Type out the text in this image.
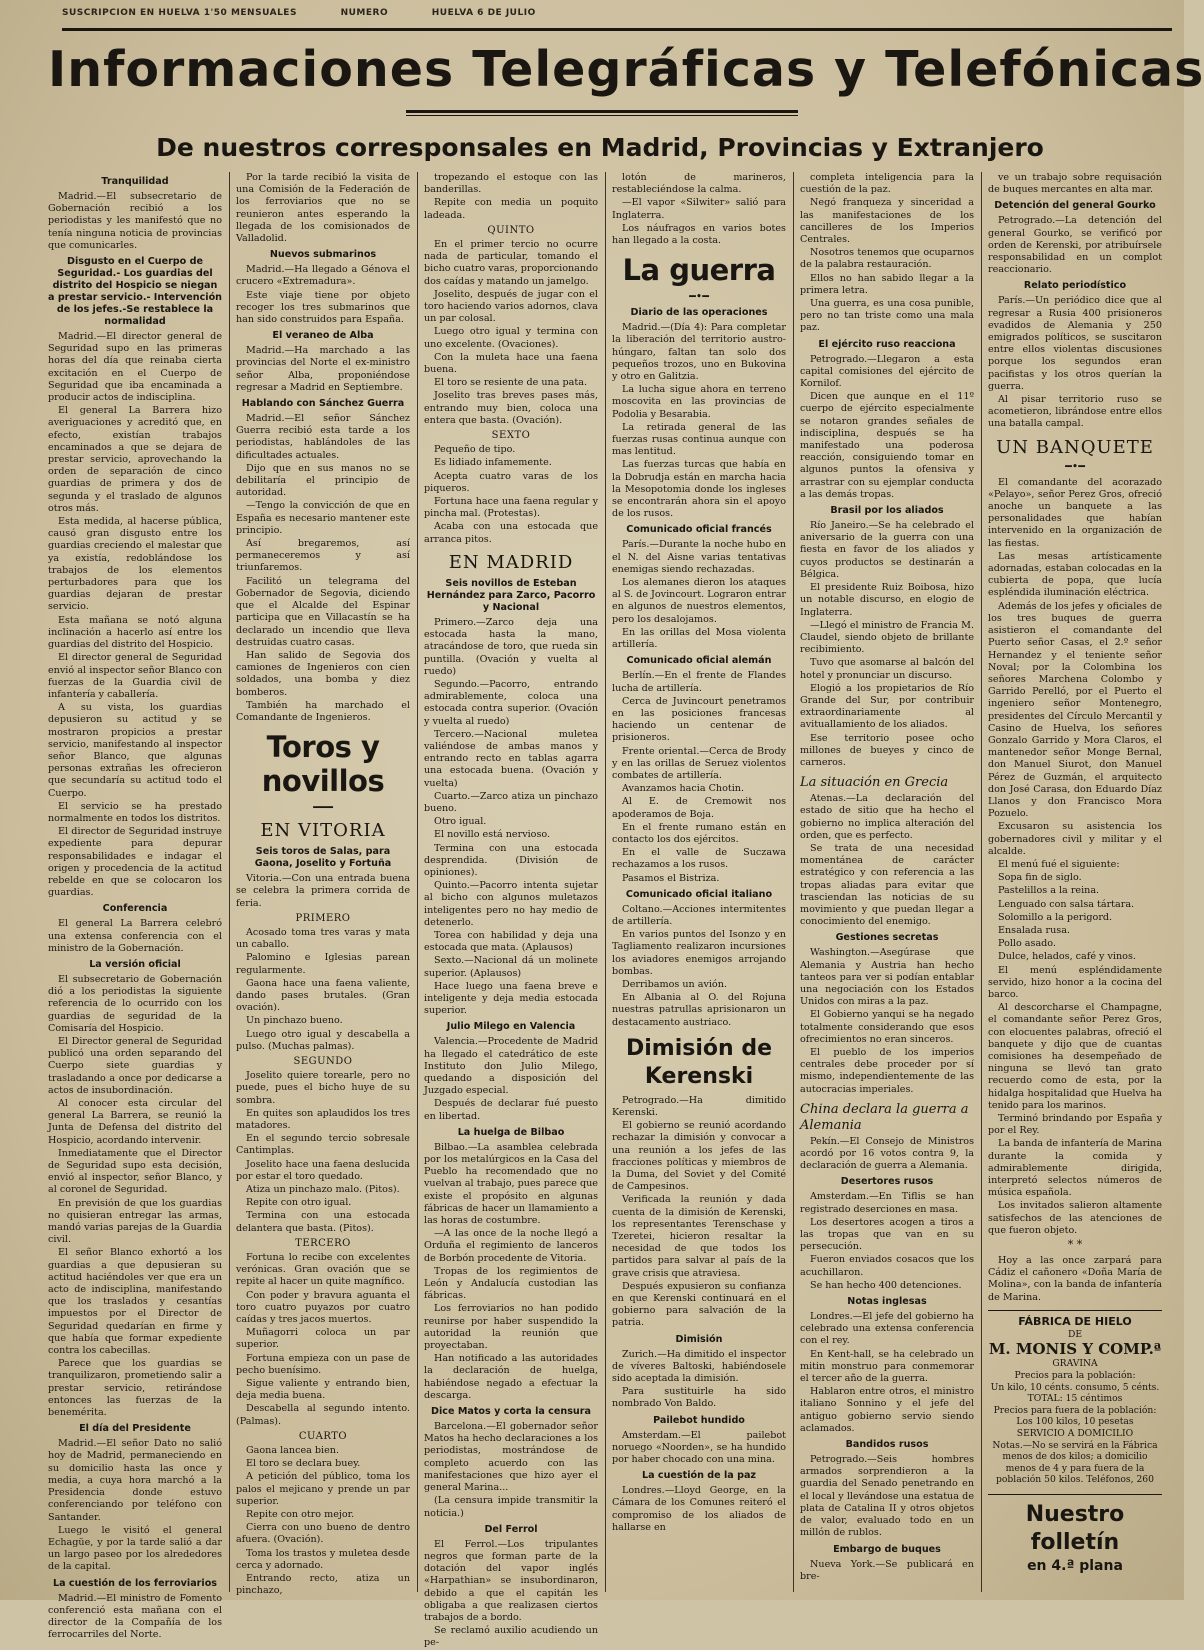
SUSCRIPCION EN HUELVA 1'50 MENSUALES	NUMERO	HUELVA 6 DE JULIO
Informaciones Telegráficas y Telefónicas
De nuestros corresponsales en Madrid, Provincias y Extranjero
Tranquilidad

Madrid.—El subsecretario de Gobernación recibió a los periodistas y les manifestó que no tenía ninguna noticia de provincias que comunicarles.

Disgusto en el Cuerpo de Seguridad.- Los guardias del distrito del Hospicio se niegan a prestar servicio.- Intervención de los jefes.-Se restablece la normalidad

Madrid.—El director general de Seguridad supo en las primeras horas del día que reinaba cierta excitación en el Cuerpo de Seguridad que iba encaminada a producir actos de indisciplina.

El general La Barrera hizo averiguaciones y acreditó que, en efecto, existían trabajos encaminados a que se dejara de prestar servicio, aprovechando la orden de separación de cinco guardias de primera y dos de segunda y el traslado de algunos otros más.

Esta medida, al hacerse pública, causó gran disgusto entre los guardias creciendo el malestar que ya existía, redoblándose los trabajos de los elementos perturbadores para que los guardias dejaran de prestar servicio.

Esta mañana se notó alguna inclinación a hacerlo así entre los guardias del distrito del Hospicio.

El director general de Seguridad envió al inspector señor Blanco con fuerzas de la Guardia civil de infantería y caballería.

A su vista, los guardias depusieron su actitud y se mostraron propicios a prestar servicio, manifestando al inspector señor Blanco, que algunas personas extrañas les ofrecieron que secundaría su actitud todo el Cuerpo.

El servicio se ha prestado normalmente en todos los distritos.

El director de Seguridad instruye expediente para depurar responsabilidades e indagar el origen y procedencia de la actitud rebelde en que se colocaron los guardias.

Conferencia

El general La Barrera celebró una extensa conferencia con el ministro de la Gobernación.

La versión oficial

El subsecretario de Gobernación dió a los periodistas la siguiente referencia de lo ocurrido con los guardias de seguridad de la Comisaría del Hospicio.

El Director general de Seguridad publicó una orden separando del Cuerpo siete guardias y trasladando a once por dedicarse a actos de insubordinación.

Al conocer esta circular del general La Barrera, se reunió la Junta de Defensa del distrito del Hospicio, acordando intervenir.

Inmediatamente que el Director de Seguridad supo esta decisión, envió al inspector, señor Blanco, y al coronel de Seguridad.

En previsión de que los guardias no quisieran entregar las armas, mandó varias parejas de la Guardia civil.

El señor Blanco exhortó a los guardias a que depusieran su actitud haciéndoles ver que era un acto de indisciplina, manifestando que los traslados y cesantías impuestos por el Director de Seguridad quedarían en firme y que había que formar expediente contra los cabecillas.

Parece que los guardias se tranquilizaron, prometiendo salir a prestar servicio, retirándose entonces las fuerzas de la benemérita.

El día del Presidente

Madrid.—El señor Dato no salió hoy de Madrid, permaneciendo en su domicilio hasta las once y media, a cuya hora marchó a la Presidencia donde estuvo conferenciando por teléfono con Santander.

Luego le visitó el general Echagüe, y por la tarde salió a dar un largo paseo por los alrededores de la capital.

La cuestión de los ferroviarios

Madrid.—El ministro de Fomento conferenció esta mañana con el director de la Compañía de los ferrocarriles del Norte.

Por la tarde recibió la visita de una Comisión de la Federación de los ferroviarios que no se reunieron antes esperando la llegada de los comisionados de Valladolid.

Nuevos submarinos

Madrid.—Ha llegado a Génova el crucero «Extremadura».

Este viaje tiene por objeto recoger los tres submarinos que han sido construidos para España.

El veraneo de Alba

Madrid.—Ha marchado a las provincias del Norte el ex-ministro señor Alba, proponiéndose regresar a Madrid en Septiembre.

Hablando con Sánchez Guerra

Madrid.—El señor Sánchez Guerra recibió esta tarde a los periodistas, hablándoles de las dificultades actuales.

Dijo que en sus manos no se debilitaría el principio de autoridad.

—Tengo la convicción de que en España es necesario mantener este principio.

Así bregaremos, así permaneceremos y así triunfaremos.

Facilitó un telegrama del Gobernador de Segovia, diciendo que el Alcalde del Espinar participa que en Villacastín se ha declarado un incendio que lleva destruidas cuatro casas.

Han salido de Segovia dos camiones de Ingenieros con cien soldados, una bomba y diez bomberos.

También ha marchado el Comandante de Ingenieros.

Toros y novillos
━━━
EN VITORIA
Seis toros de Salas, para Gaona, Joselito y Fortuña

Vitoria.—Con una entrada buena se celebra la primera corrida de feria.

PRIMERO

Acosado toma tres varas y mata un caballo.

Palomino e Iglesias parean regularmente.

Gaona hace una faena valiente, dando pases brutales. (Gran ovación).

Un pinchazo bueno.

Luego otro igual y descabella a pulso. (Muchas palmas).

SEGUNDO

Joselito quiere torearle, pero no puede, pues el bicho huye de su sombra.

En quites son aplaudidos los tres matadores.

En el segundo tercio sobresale Cantimplas.

Joselito hace una faena deslucida por estar el toro quedado.

Atiza un pinchazo malo. (Pitos).

Repite con otro igual.

Termina con una estocada delantera que basta. (Pitos).

TERCERO

Fortuna lo recibe con excelentes verónicas. Gran ovación que se repite al hacer un quite magnífico.

Con poder y bravura aguanta el toro cuatro puyazos por cuatro caídas y tres jacos muertos.

Muñagorri coloca un par superior.

Fortuna empieza con un pase de pecho buenísimo.

Sigue valiente y entrando bien, deja media buena.

Descabella al segundo intento. (Palmas).

CUARTO

Gaona lancea bien.

El toro se declara buey.

A petición del público, toma los palos el mejicano y prende un par superior.

Repite con otro mejor.

Cierra con uno bueno de dentro afuera. (Ovación).

Toma los trastos y muletea desde cerca y adornado.

Entrando recto, atiza un pinchazo,

tropezando el estoque con las banderillas.

Repite con media un poquito ladeada.

QUINTO

En el primer tercio no ocurre nada de particular, tomando el bicho cuatro varas, proporcionando dos caídas y matando un jamelgo.

Joselito, después de jugar con el toro haciendo varios adornos, clava un par colosal.

Luego otro igual y termina con uno excelente. (Ovaciones).

Con la muleta hace una faena buena.

El toro se resiente de una pata.

Joselito tras breves pases más, entrando muy bien, coloca una entera que basta. (Ovación).

SEXTO

Pequeño de tipo.

Es lidiado infamemente.

Acepta cuatro varas de los piqueros.

Fortuna hace una faena regular y pincha mal. (Protestas).

Acaba con una estocada que arranca pitos.

EN MADRID
Seis novillos de Esteban Hernández para Zarco, Pacorro y Nacional

Primero.—Zarco deja una estocada hasta la mano, atracándose de toro, que rueda sin puntilla. (Ovación y vuelta al ruedo)

Segundo.—Pacorro, entrando admirablemente, coloca una estocada contra superior. (Ovación y vuelta al ruedo)

Tercero.—Nacional muletea valiéndose de ambas manos y entrando recto en tablas agarra una estocada buena. (Ovación y vuelta)

Cuarto.—Zarco atiza un pinchazo bueno.

Otro igual.

El novillo está nervioso.

Termina con una estocada desprendida. (División de opiniones).

Quinto.—Pacorro intenta sujetar al bicho con algunos muletazos inteligentes pero no hay medio de detenerlo.

Torea con habilidad y deja una estocada que mata. (Aplausos)

Sexto.—Nacional dá un molinete superior. (Aplausos)

Hace luego una faena breve e inteligente y deja media estocada superior.

Julio Milego en Valencia

Valencia.—Procedente de Madrid ha llegado el catedrático de este Instituto don Julio Milego, quedando a disposición del Juzgado especial.

Después de declarar fué puesto en libertad.

La huelga de Bilbao

Bilbao.—La asamblea celebrada por los metalúrgicos en la Casa del Pueblo ha recomendado que no vuelvan al trabajo, pues parece que existe el propósito en algunas fábricas de hacer un llamamiento a las horas de costumbre.

—A las once de la noche llegó a Orduña el regimiento de lanceros de Borbón procedente de Vitoria.

Tropas de los regimientos de León y Andalucía custodian las fábricas.

Los ferroviarios no han podido reunirse por haber suspendido la autoridad la reunión que proyectaban.

Han notificado a las autoridades la declaración de huelga, habiéndose negado a efectuar la descarga.

Dice Matos y corta la censura

Barcelona.—El gobernador señor Matos ha hecho declaraciones a los periodistas, mostrándose de completo acuerdo con las manifestaciones que hizo ayer el general Marina...

(La censura impide transmitir la noticia.)

Del Ferrol

El Ferrol.—Los tripulantes negros que forman parte de la dotación del vapor inglés «Harpathian» se insubordinaron, debido a que el capitán les obligaba a que realizasen ciertos trabajos de a bordo.

Se reclamó auxilio acudiendo un pe-

lotón de marineros, restableciéndose la calma.

—El vapor «Silwiter» salió para Inglaterra.

Los náufragos en varios botes han llegado a la costa.

La guerra
━•━
Diario de las operaciones

Madrid.—(Día 4): Para completar la liberación del territorio austro-húngaro, faltan tan solo dos pequeños trozos, uno en Bukovina y otro en Galitzia.

La lucha sigue ahora en terreno moscovita en las provincias de Podolia y Besarabia.

La retirada general de las fuerzas rusas continua aunque con mas lentitud.

Las fuerzas turcas que había en la Dobrudja están en marcha hacia la Mesopotomia donde los ingleses se encontrarán ahora sin el apoyo de los rusos.

Comunicado oficial francés

París.—Durante la noche hubo en el N. del Aisne varias tentativas enemigas siendo rechazadas.

Los alemanes dieron los ataques al S. de Jovincourt. Lograron entrar en algunos de nuestros elementos, pero los desalojamos.

En las orillas del Mosa violenta artillería.

Comunicado oficial alemán

Berlín.—En el frente de Flandes lucha de artillería.

Cerca de Juvincourt penetramos en las posiciones francesas haciendo un centenar de prisioneros.

Frente oriental.—Cerca de Brody y en las orillas de Seruez violentos combates de artillería.

Avanzamos hacia Chotin.

Al E. de Cremowit nos apoderamos de Boja.

En el frente rumano están en contacto los dos ejércitos.

En el valle de Suczawa rechazamos a los rusos.

Pasamos el Bistriza.

Comunicado oficial italiano

Coltano.—Acciones intermitentes de artillería.

En varios puntos del Isonzo y en Tagliamento realizaron incursiones los aviadores enemigos arrojando bombas.

Derribamos un avión.

En Albania al O. del Rojuna nuestras patrullas aprisionaron un destacamento austriaco.

Dimisión de Kerenski

Petrogrado.—Ha dimitido Kerenski.

El gobierno se reunió acordando rechazar la dimisión y convocar a una reunión a los jefes de las fracciones políticas y miembros de la Duma, del Soviet y del Comité de Campesinos.

Verificada la reunión y dada cuenta de la dimisión de Kerenski, los representantes Terenschase y Tzeretei, hicieron resaltar la necesidad de que todos los partidos para salvar al país de la grave crisis que atraviesa.

Después expusieron su confianza en que Kerenski continuará en el gobierno para salvación de la patria.

Dimisión

Zurich.—Ha dimitido el inspector de víveres Baltoski, habiéndosele sido aceptada la dimisión.

Para sustituirle ha sido nombrado Von Baldo.

Pailebot hundido

Amsterdam.—El pailebot noruego «Noorden», se ha hundido por haber chocado con una mina.

La cuestión de la paz

Londres.—Lloyd George, en la Cámara de los Comunes reiteró el compromiso de los aliados de hallarse en

completa inteligencia para la cuestión de la paz.

Negó franqueza y sinceridad a las manifestaciones de los cancilleres de los Imperios Centrales.

Nosotros tenemos que ocuparnos de la palabra restauración.

Ellos no han sabido llegar a la primera letra.

Una guerra, es una cosa punible, pero no tan triste como una mala paz.

El ejército ruso reacciona

Petrogrado.—Llegaron a esta capital comisiones del ejército de Kornilof.

Dicen que aunque en el 11º cuerpo de ejército especialmente se notaron grandes señales de indisciplina, después se ha manifestado una poderosa reacción, consiguiendo tomar en algunos puntos la ofensiva y arrastrar con su ejemplar conducta a las demás tropas.

Brasil por los aliados

Río Janeiro.—Se ha celebrado el aniversario de la guerra con una fiesta en favor de los aliados y cuyos productos se destinarán a Bélgica.

El presidente Ruiz Boibosa, hizo un notable discurso, en elogio de Inglaterra.

—Llegó el ministro de Francia M. Claudel, siendo objeto de brillante recibimiento.

Tuvo que asomarse al balcón del hotel y pronunciar un discurso.

Elogió a los propietarios de Río Grande del Sur, por contribuir extraordinariamente al avituallamiento de los aliados.

Ese territorio posee ocho millones de bueyes y cinco de carneros.

La situación en Grecia

Atenas.—La declaración del estado de sitio que ha hecho el gobierno no implica alteración del orden, que es perfecto.

Se trata de una necesidad momentánea de carácter estratégico y con referencia a las tropas aliadas para evitar que trasciendan las noticias de su movimiento y que puedan llegar a conocimiento del enemigo.

Gestiones secretas

Washington.—Asegúrase que Alemania y Austria han hecho tanteos para ver si podían entablar una negociación con los Estados Unidos con miras a la paz.

El Gobierno yanqui se ha negado totalmente considerando que esos ofrecimientos no eran sinceros.

El pueblo de los imperios centrales debe proceder por sí mismo, independientemente de las autocracias imperiales.

China declara la guerra a Alemania

Pekín.—El Consejo de Ministros acordó por 16 votos contra 9, la declaración de guerra a Alemania.

Desertores rusos

Amsterdam.—En Tiflis se han registrado deserciones en masa.

Los desertores acogen a tiros a las tropas que van en su persecución.

Fueron enviados cosacos que los acuchillaron.

Se han hecho 400 detenciones.

Notas inglesas

Londres.—El jefe del gobierno ha celebrado una extensa conferencia con el rey.

En Kent-hall, se ha celebrado un mitin monstruo para conmemorar el tercer año de la guerra.

Hablaron entre otros, el ministro italiano Sonnino y el jefe del antiguo gobierno servio siendo aclamados.

Bandidos rusos

Petrogrado.—Seis hombres armados sorprendieron a la guardia del Senado penetrando en el local y llevándose una estatua de plata de Catalina II y otros objetos de valor, evaluado todo en un millón de rublos.

Embargo de buques

Nueva York.—Se publicará en bre-

ve un trabajo sobre requisación de buques mercantes en alta mar.

Detención del general Gourko

Petrogrado.—La detención del general Gourko, se verificó por orden de Kerenski, por atribuírsele responsabilidad en un complot reaccionario.

Relato periodístico

París.—Un periódico dice que al regresar a Rusia 400 prisioneros evadidos de Alemania y 250 emigrados políticos, se suscitaron entre ellos violentas discusiones porque los segundos eran pacifistas y los otros querían la guerra.

Al pisar territorio ruso se acometieron, librándose entre ellos una batalla campal.

UN BANQUETE
━•━

El comandante del acorazado «Pelayo», señor Perez Gros, ofreció anoche un banquete a las personalidades que habían intervenido en la organización de las fiestas.

Las mesas artísticamente adornadas, estaban colocadas en la cubierta de popa, que lucía espléndida iluminación eléctrica.

Además de los jefes y oficiales de los tres buques de guerra asistieron el comandante del Puerto señor Casas, el 2.º señor Hernandez y el teniente señor Noval; por la Colombina los señores Marchena Colombo y Garrido Perelló, por el Puerto el ingeniero señor Montenegro, presidentes del Círculo Mercantil y Casino de Huelva, los señores Gonzalo Garrido y Mora Claros, el mantenedor señor Monge Bernal, don Manuel Siurot, don Manuel Pérez de Guzmán, el arquitecto don José Carasa, don Eduardo Díaz Llanos y don Francisco Mora Pozuelo.

Excusaron su asistencia los gobernadores civil y militar y el alcalde.

El menú fué el siguiente:

Sopa fin de siglo.

Pastelillos a la reina.

Lenguado con salsa tártara.

Solomillo a la perigord.

Ensalada rusa.

Pollo asado.

Dulce, helados, café y vinos.

El menú espléndidamente servido, hizo honor a la cocina del barco.

Al descorcharse el Champagne, el comandante señor Perez Gros, con elocuentes palabras, ofreció el banquete y dijo que de cuantas comisiones ha desempeñado de ninguna se llevó tan grato recuerdo como de esta, por la hidalga hospitalidad que Huelva ha tenido para los marinos.

Terminó brindando por España y por el Rey.

La banda de infantería de Marina durante la comida y admirablemente dirigida, interpretó selectos números de música española.

Los invitados salieron altamente satisfechos de las atenciones de que fueron objeto.

* *

Hoy a las once zarpará para Cádiz el cañonero «Doña María de Molina», con la banda de infantería de Marina.

FÁBRICA DE HIELO
DE
M. MONIS Y COMP.ª
GRAVINA
Precios para la población:
Un kilo, 10 cénts. consumo, 5 cénts.
TOTAL: 15 céntimos
Precios para fuera de la población:
Los 100 kilos, 10 pesetas
SERVICIO A DOMICILIO
Notas.—No se servirá en la Fábrica menos de dos kilos; a domicilio menos de 4 y para fuera de la población 50 kilos. Teléfonos, 260
Nuestro folletín
en 4.ª plana
